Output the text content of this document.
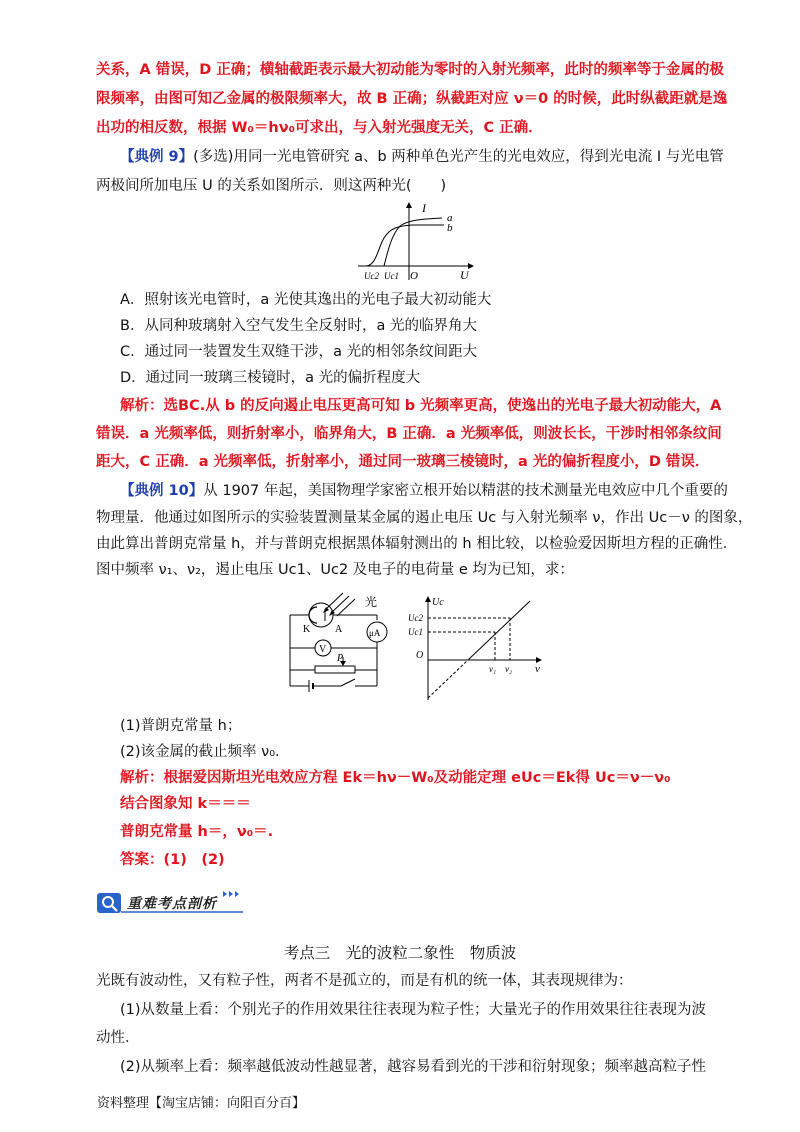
关系，A 错误，D 正确；横轴截距表示最大初动能为零时的入射光频率，此时的频率等于金属的极
限频率，由图可知乙金属的极限频率大，故 B 正确；纵截距对应 ν＝0 的时候，此时纵截距就是逸
出功的相反数，根据 W₀＝hν₀可求出，与入射光强度无关，C 正确．
【典例 9】(多选)用同一光电管研究 a、b 两种单色光产生的光电效应，得到光电流 I 与光电管
两极间所加电压 U 的关系如图所示．则这两种光(　　)
I
U
O
a
b
Uc2 Uc1
A．照射该光电管时，a 光使其逸出的光电子最大初动能大
B．从同种玻璃射入空气发生全反射时，a 光的临界角大
C．通过同一装置发生双缝干涉，a 光的相邻条纹间距大
D．通过同一玻璃三棱镜时，a 光的偏折程度大
解析：选BC.从 b 的反向遏止电压更高可知 b 光频率更高，使逸出的光电子最大初动能大，A
错误．a 光频率低，则折射率小，临界角大，B 正确．a 光频率低，则波长长，干涉时相邻条纹间
距大，C 正确．a 光频率低，折射率小，通过同一玻璃三棱镜时，a 光的偏折程度小，D 错误．
【典例 10】从 1907 年起，美国物理学家密立根开始以精湛的技术测量光电效应中几个重要的
物理量．他通过如图所示的实验装置测量某金属的遏止电压 Uc 与入射光频率 ν，作出 Uc－ν 的图象，
由此算出普朗克常量 h，并与普朗克根据黑体辐射测出的 h 相比较，以检验爱因斯坦方程的正确性．
图中频率 ν₁、ν₂，遏止电压 Uc1、Uc2 及电子的电荷量 e 均为已知，求：
光
K A	μA
V
P
Uc
Uc2
Uc1
O
ν₁ ν₂ ν
(1)普朗克常量 h；
(2)该金属的截止频率 ν₀.
解析：根据爱因斯坦光电效应方程 Ek＝hν－W₀及动能定理 eUc＝Ek得 Uc＝ν－ν₀
结合图象知 k＝＝＝
普朗克常量 h＝，ν₀＝.
答案：(1)　(2)
重难考点剖析
考点三　光的波粒二象性　物质波
光既有波动性，又有粒子性，两者不是孤立的，而是有机的统一体，其表现规律为：
(1)从数量上看：个别光子的作用效果往往表现为粒子性；大量光子的作用效果往往表现为波
动性．
(2)从频率上看：频率越低波动性越显著，越容易看到光的干涉和衍射现象；频率越高粒子性
资料整理【淘宝店铺：向阳百分百】
